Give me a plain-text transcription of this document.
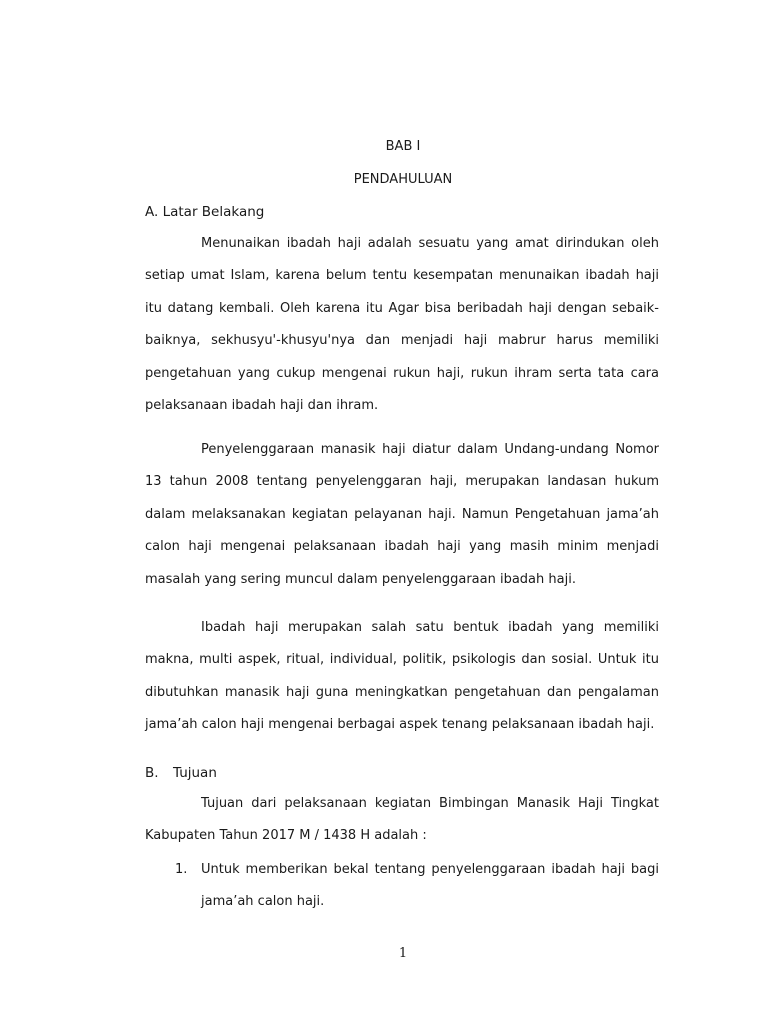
BAB I
PENDAHULUAN
A. Latar Belakang

Menunaikan ibadah haji adalah sesuatu yang amat dirindukan oleh setiap umat Islam, karena belum tentu kesempatan menunaikan ibadah haji itu datang kembali. Oleh karena itu Agar bisa beribadah haji dengan sebaik-baiknya, sekhusyu'-khusyu'nya dan menjadi haji mabrur harus memiliki pengetahuan yang cukup mengenai rukun haji, rukun ihram serta tata cara pelaksanaan ibadah haji dan ihram.

Penyelenggaraan manasik haji diatur dalam Undang-undang Nomor 13 tahun 2008 tentang penyelenggaran haji, merupakan landasan hukum dalam melaksanakan kegiatan pelayanan haji. Namun Pengetahuan jama’ah calon haji mengenai pelaksanaan ibadah haji yang masih minim menjadi masalah yang sering muncul dalam penyelenggaraan ibadah haji.

Ibadah haji merupakan salah satu bentuk ibadah yang memiliki makna, multi aspek, ritual, individual, politik, psikologis dan sosial. Untuk itu dibutuhkan manasik haji guna meningkatkan pengetahuan dan pengalaman jama’ah calon haji mengenai berbagai aspek tenang pelaksanaan ibadah haji.

B. Tujuan

Tujuan dari pelaksanaan kegiatan Bimbingan Manasik Haji Tingkat Kabupaten Tahun 2017 M / 1438 H adalah :

1. Untuk memberikan bekal tentang penyelenggaraan ibadah haji bagi jama’ah calon haji.
1
